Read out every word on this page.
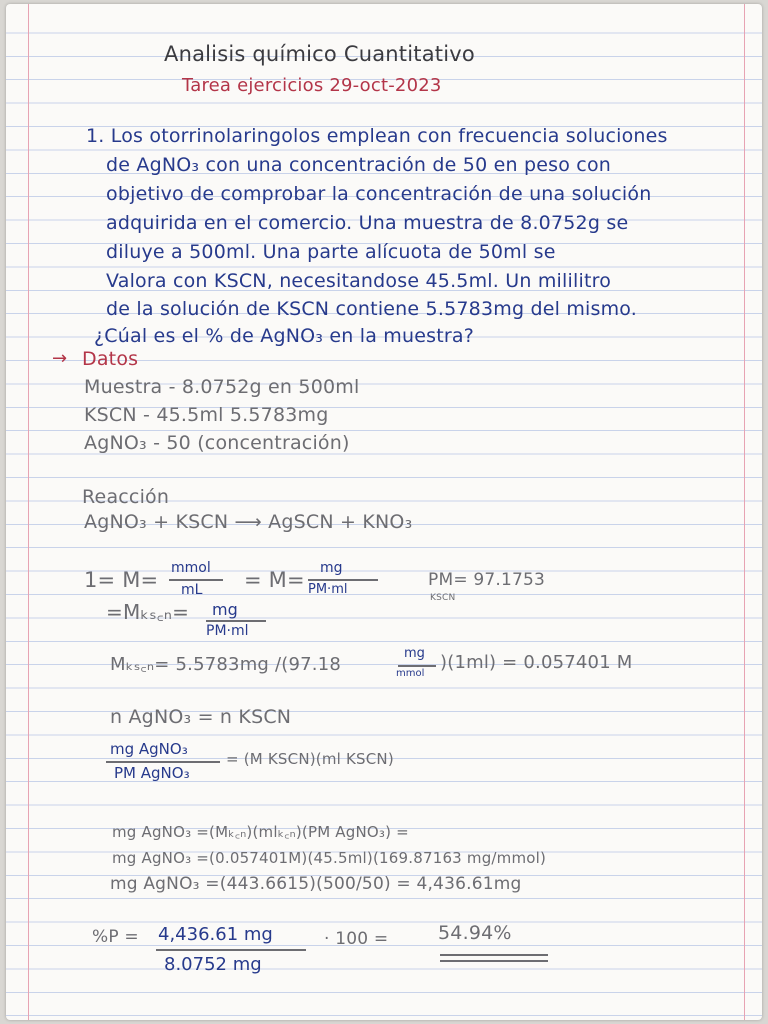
Analisis químico Cuantitativo
Tarea ejercicios 29-oct-2023
1. Los otorrinolaringolos emplean con frecuencia soluciones
de AgNO₃ con una concentración de 50 en peso con
objetivo de comprobar la concentración de una solución
adquirida en el comercio. Una muestra de 8.0752g se
diluye a 500ml. Una parte alícuota de 50ml se
Valora con KSCN, necesitandose 45.5ml. Un mililitro
de la solución de KSCN contiene 5.5783mg del mismo.
¿Cúal es el % de AgNO₃ en la muestra?
→ Datos
Muestra - 8.0752g en 500ml
KSCN - 45.5ml 5.5783mg
AgNO₃ - 50 (concentración)
Reacción
AgNO₃ + KSCN ⟶ AgSCN + KNO₃
1= M= mmol
mL = M= mg
PM·ml	PM= 97.1753
KSCN
=Mₖₛ꜀ₙ= mg
PM·ml
Mₖₛ꜀ₙ= 5.5783mg /(97.18
mg
mmol
)(1ml) = 0.057401 M
n AgNO₃ = n KSCN
mg AgNO₃
PM AgNO₃
= (M KSCN)(ml KSCN)
mg AgNO₃ =(Mₖ꜀ₙ)(mlₖ꜀ₙ)(PM AgNO₃) =
mg AgNO₃ =(0.057401M)(45.5ml)(169.87163 mg/mmol)
mg AgNO₃ =(443.6615)(500/50) = 4,436.61mg
%P = 4,436.61 mg
8.0752 mg
· 100 =	54.94%
